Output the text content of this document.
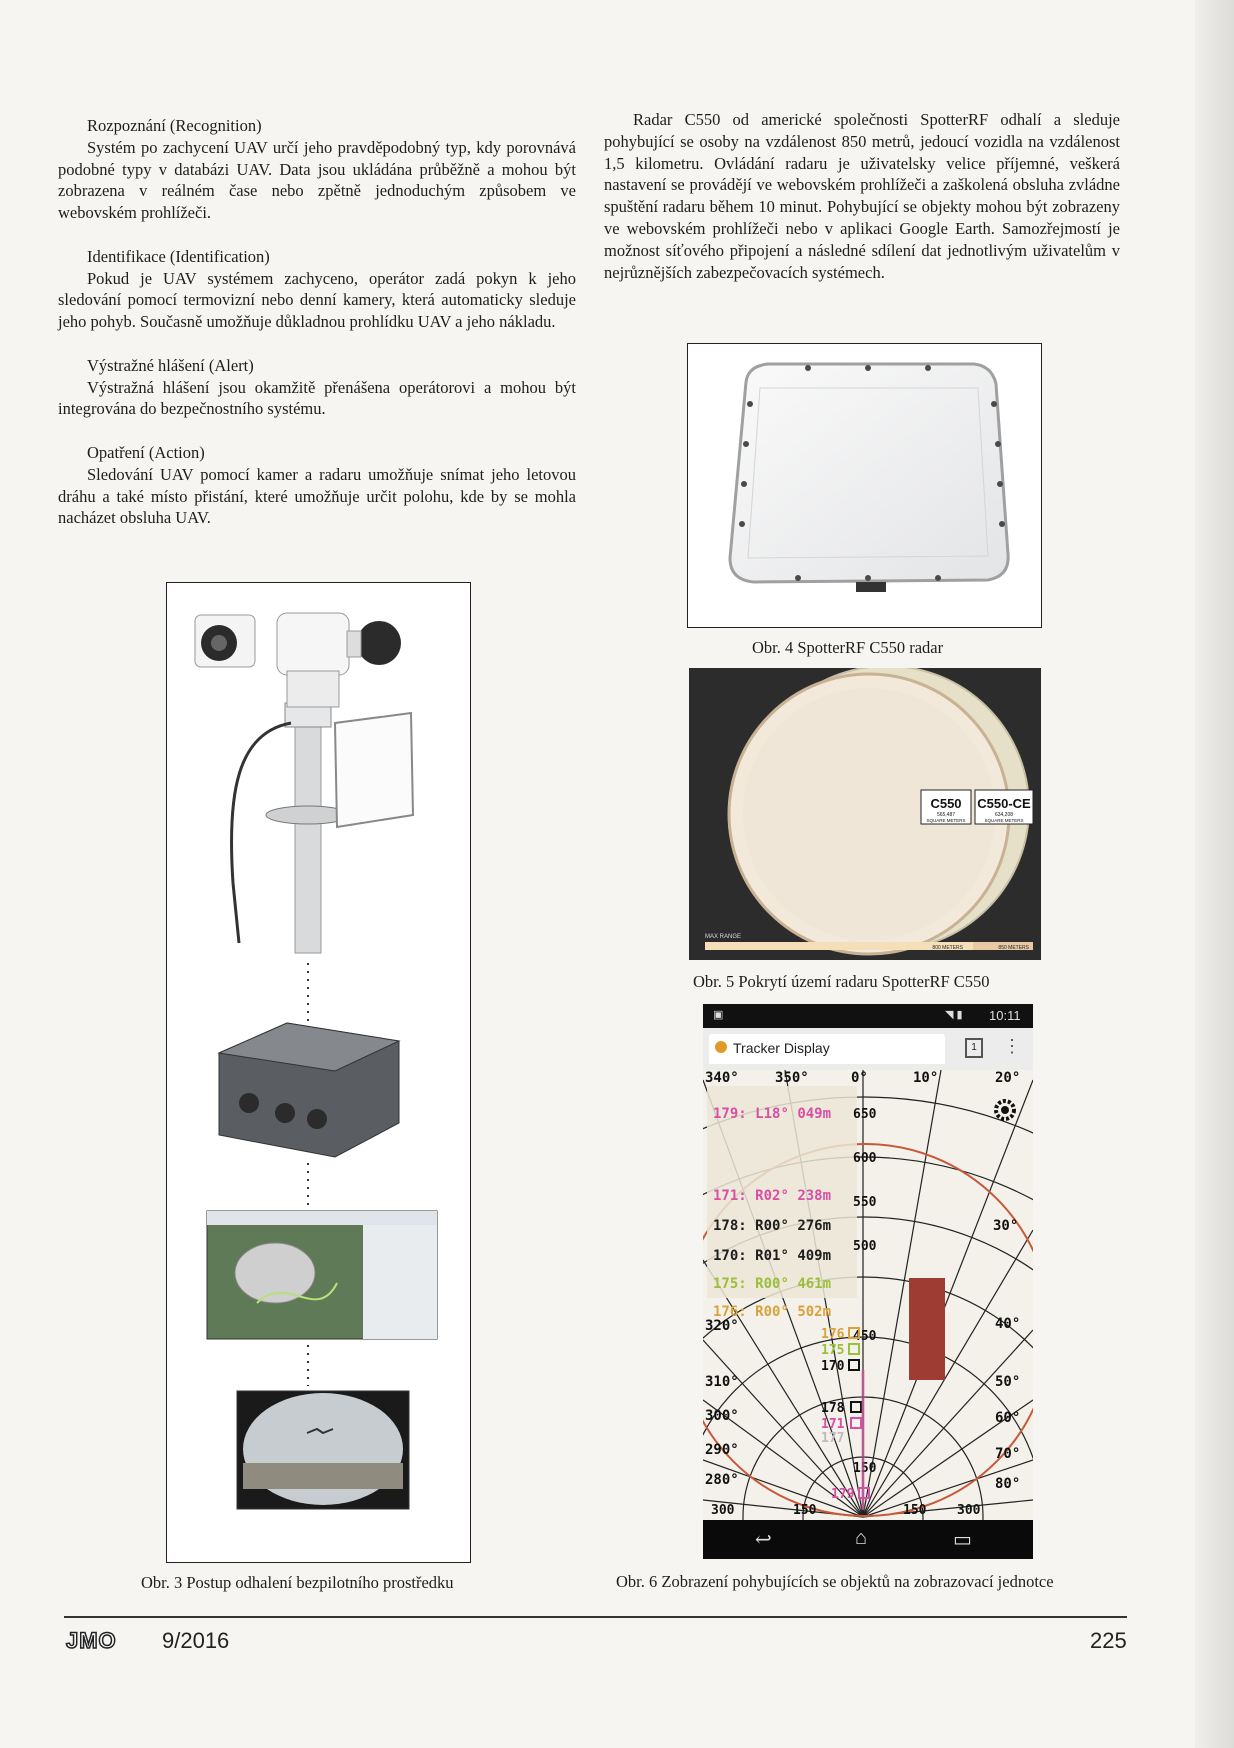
Rozpoznání (Recognition)

Systém po zachycení UAV určí jeho pravděpodobný typ, kdy porovnává podobné typy v databázi UAV. Data jsou ukládána průběžně a mohou být zobrazena v reálném čase nebo zpětně jednoduchým způsobem ve webovském prohlížeči.

Identifikace (Identification)

Pokud je UAV systémem zachyceno, operátor zadá pokyn k jeho sledování pomocí termovizní nebo denní kamery, která automaticky sleduje jeho pohyb. Současně umožňuje důkladnou prohlídku UAV a jeho nákladu.

Výstražné hlášení (Alert)

Výstražná hlášení jsou okamžitě přenášena operátorovi a mohou být integrována do bezpečnostního systému.

Opatření (Action)

Sledování UAV pomocí kamer a radaru umožňuje snímat jeho letovou dráhu a také místo přistání, které umožňuje určit polohu, kde by se mohla nacházet obsluha UAV.

Radar C550 od americké společnosti SpotterRF odhalí a sleduje pohybující se osoby na vzdálenost 850 metrů, jedoucí vozidla na vzdálenost 1,5 kilometru. Ovládání radaru je uživatelsky velice příjemné, veškerá nastavení se provádějí ve webovském prohlížeči a zaškolená obsluha zvládne spuštění radaru během 10 minut. Pohybující se objekty mohou být zobrazeny ve webovském prohlížeči nebo v aplikaci Google Earth. Samozřejmostí je možnost síťového připojení a následné sdílení dat jednotlivým uživatelům v nejrůznějších zabezpečovacích systémech.

Obr. 3 Postup odhalení bezpilotního prostředku
Obr. 4 SpotterRF C550 radar
C550
565,487
SQUARE METERS
C550-CE
634,208
SQUARE METERS
MAX RANGE
800 METERS	850 METERS
Obr. 5 Pokrytí území radaru SpotterRF C550
▣	◥ ▮ 10:11
Tracker Display	1	⋮
340°	350°	0°	10°	20°
30°
40°
50°
60°
70°
80°
320°
310°
300°
290°
280°
650
600
550
500
450
150
300	150	150 300
179: L18° 049m
171: R02° 238m
178: R00° 276m
170: R01° 409m
175: R00° 461m
176: R00° 502m
176
175
170
178
171
177
179
↩	⌂	▭
Obr. 6 Zobrazení pohybujících se objektů na zobrazovací jednotce
JMO 9/2016	225
